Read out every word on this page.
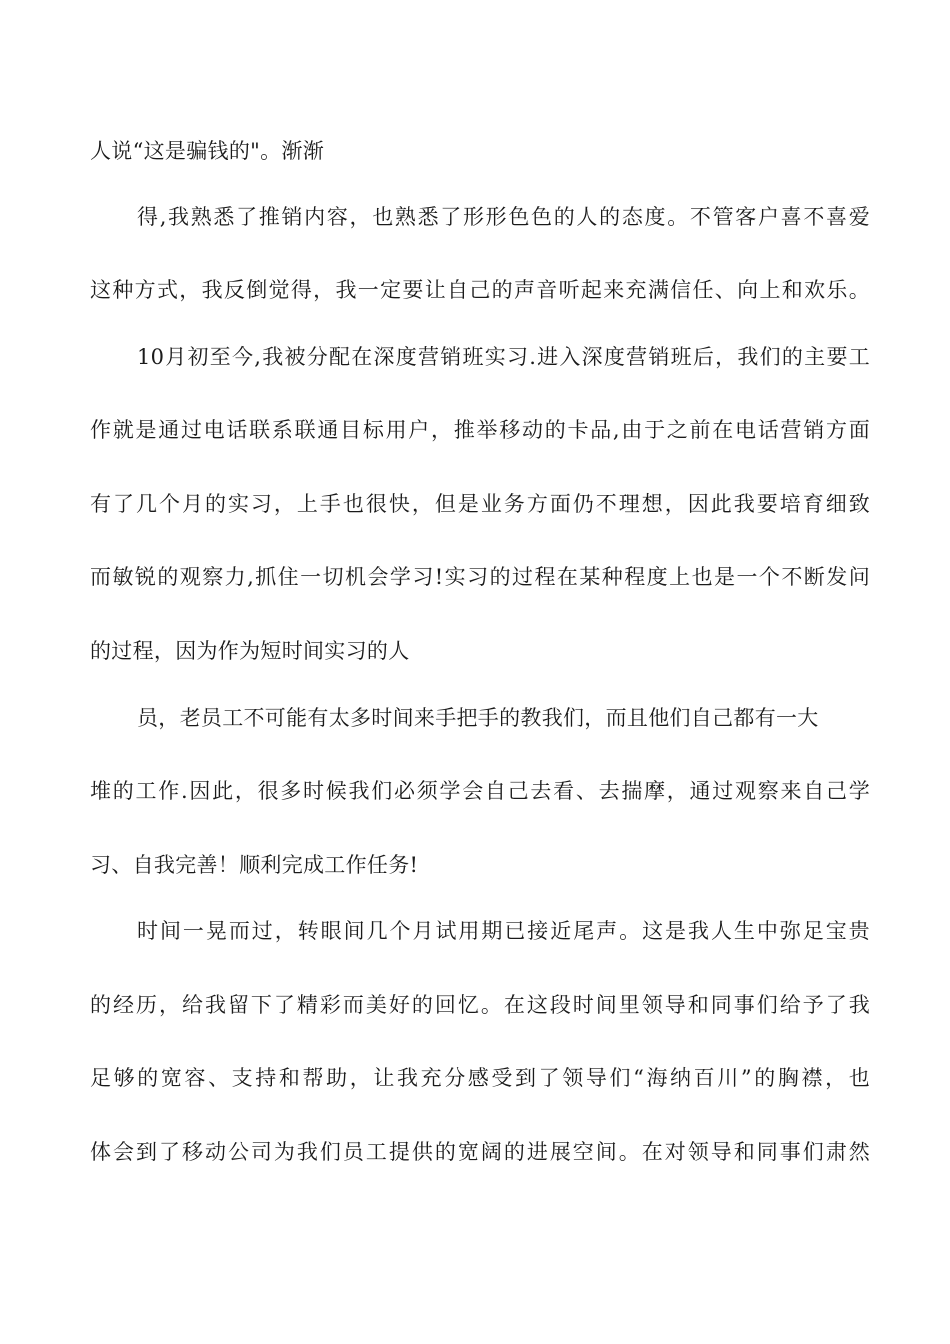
人说“这是骗钱的"。渐渐
得,我熟悉了推销内容，也熟悉了形形色色的人的态度。不管客户喜不喜爱
这种方式，我反倒觉得，我一定要让自己的声音听起来充满信任、向上和欢乐。
10月初至今,我被分配在深度营销班实习.进入深度营销班后，我们的主要工
作就是通过电话联系联通目标用户，推举移动的卡品,由于之前在电话营销方面
有了几个月的实习，上手也很快，但是业务方面仍不理想，因此我要培育细致
而敏锐的观察力,抓住一切机会学习!实习的过程在某种程度上也是一个不断发问
的过程，因为作为短时间实习的人
员，老员工不可能有太多时间来手把手的教我们，而且他们自己都有一大
堆的工作.因此，很多时候我们必须学会自己去看、去揣摩，通过观察来自己学
习、自我完善！顺利完成工作任务!
时间一晃而过，转眼间几个月试用期已接近尾声。这是我人生中弥足宝贵
的经历，给我留下了精彩而美好的回忆。在这段时间里领导和同事们给予了我
足够的宽容、支持和帮助，让我充分感受到了领导们“海纳百川”的胸襟，也
体会到了移动公司为我们员工提供的宽阔的进展空间。在对领导和同事们肃然
